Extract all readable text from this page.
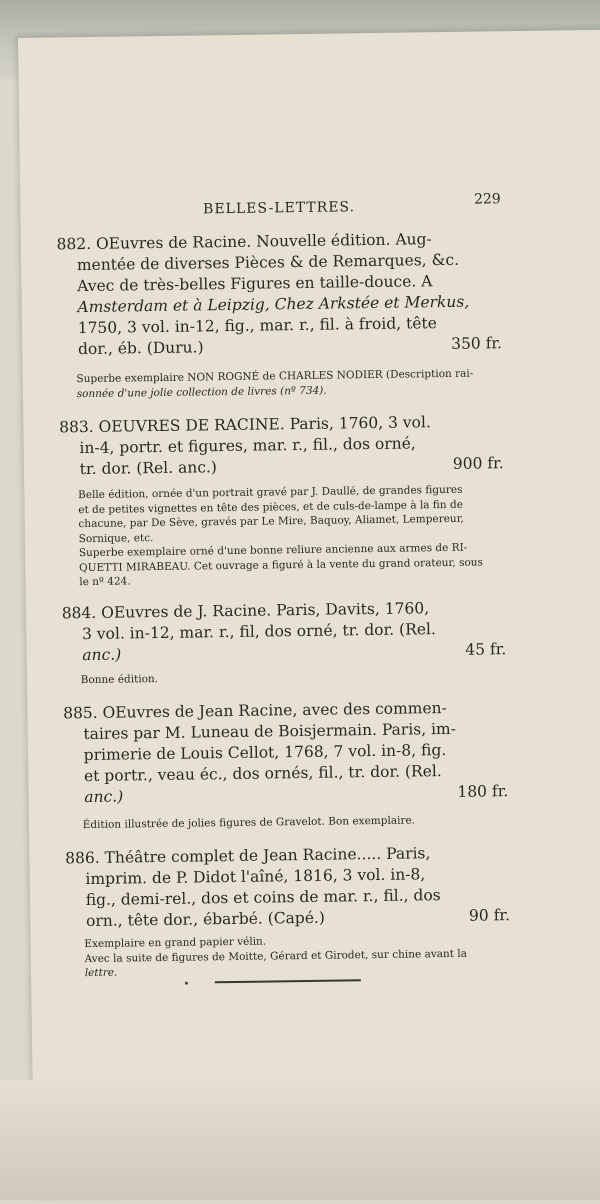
BELLES-LETTRES.	229
882. OEuvres de Racine. Nouvelle édition. Aug-
mentée de diverses Pièces & de Remarques, &c.
Avec de très-belles Figures en taille-douce. A
Amsterdam et à Leipzig, Chez Arkstée et Merkus,
1750, 3 vol. in-12, fig., mar. r., fil. à froid, tête
dor., éb. (Duru.)	350 fr.
Superbe exemplaire NON ROGNÉ de CHARLES NODIER (Description rai-
sonnée d'une jolie collection de livres (nº 734).
883. OEUVRES DE RACINE. Paris, 1760, 3 vol.
in-4, portr. et figures, mar. r., fil., dos orné,
tr. dor. (Rel. anc.)	900 fr.
Belle édition, ornée d'un portrait gravé par J. Daullé, de grandes figures
et de petites vignettes en tête des pièces, et de culs-de-lampe à la fin de
chacune, par De Sève, gravés par Le Mire, Baquoy, Aliamet, Lempereur,
Sornique, etc.
Superbe exemplaire orné d'une bonne reliure ancienne aux armes de RI-
QUETTI MIRABEAU. Cet ouvrage a figuré à la vente du grand orateur, sous
le nº 424.
884. OEuvres de J. Racine. Paris, Davits, 1760,
3 vol. in-12, mar. r., fil, dos orné, tr. dor. (Rel.
anc.)	45 fr.
Bonne édition.
885. OEuvres de Jean Racine, avec des commen-
taires par M. Luneau de Boisjermain. Paris, im-
primerie de Louis Cellot, 1768, 7 vol. in-8, fig.
et portr., veau éc., dos ornés, fil., tr. dor. (Rel.
anc.)	180 fr.
Édition illustrée de jolies figures de Gravelot. Bon exemplaire.
886. Théâtre complet de Jean Racine..... Paris,
imprim. de P. Didot l'aîné, 1816, 3 vol. in-8,
fig., demi-rel., dos et coins de mar. r., fil., dos
orn., tête dor., ébarbé. (Capé.)	90 fr.
Exemplaire en grand papier vélin.
Avec la suite de figures de Moitte, Gérard et Girodet, sur chine avant la
lettre.
